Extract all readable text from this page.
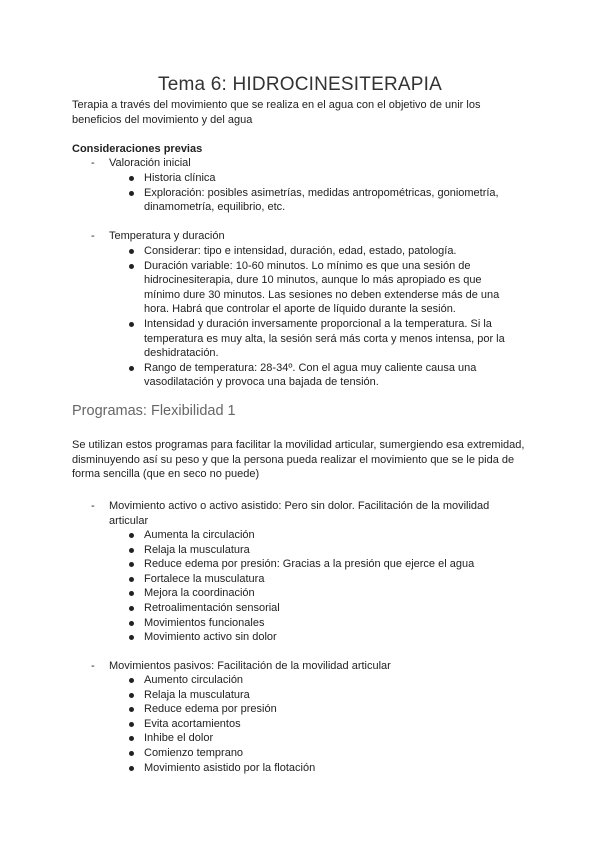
Tema 6: HIDROCINESITERAPIA
Terapia a través del movimiento que se realiza en el agua con el objetivo de unir los beneficios del movimiento y del agua
Consideraciones previas
-	Valoración inicial
Historia clínica
Exploración: posibles asimetrías, medidas antropométricas, goniometría, dinamometría, equilibrio, etc.
-	Temperatura y duración
Considerar: tipo e intensidad, duración, edad, estado, patología.
Duración variable: 10-60 minutos. Lo mínimo es que una sesión de hidrocinesiterapia, dure 10 minutos, aunque lo más apropiado es que mínimo dure 30 minutos. Las sesiones no deben extenderse más de una hora. Habrá que controlar el aporte de líquido durante la sesión.
Intensidad y duración inversamente proporcional a la temperatura. Si la temperatura es muy alta, la sesión será más corta y menos intensa, por la deshidratación.
Rango de temperatura: 28-34º. Con el agua muy caliente causa una vasodilatación y provoca una bajada de tensión.
Programas: Flexibilidad 1
Se utilizan estos programas para facilitar la movilidad articular, sumergiendo esa extremidad, disminuyendo así su peso y que la persona pueda realizar el movimiento que se le pida de forma sencilla (que en seco no puede)
-	Movimiento activo o activo asistido: Pero sin dolor. Facilitación de la movilidad articular
Aumenta la circulación
Relaja la musculatura
Reduce edema por presión: Gracias a la presión que ejerce el agua
Fortalece la musculatura
Mejora la coordinación
Retroalimentación sensorial
Movimientos funcionales
Movimiento activo sin dolor
-	Movimientos pasivos: Facilitación de la movilidad articular
Aumento circulación
Relaja la musculatura
Reduce edema por presión
Evita acortamientos
Inhibe el dolor
Comienzo temprano
Movimiento asistido por la flotación
